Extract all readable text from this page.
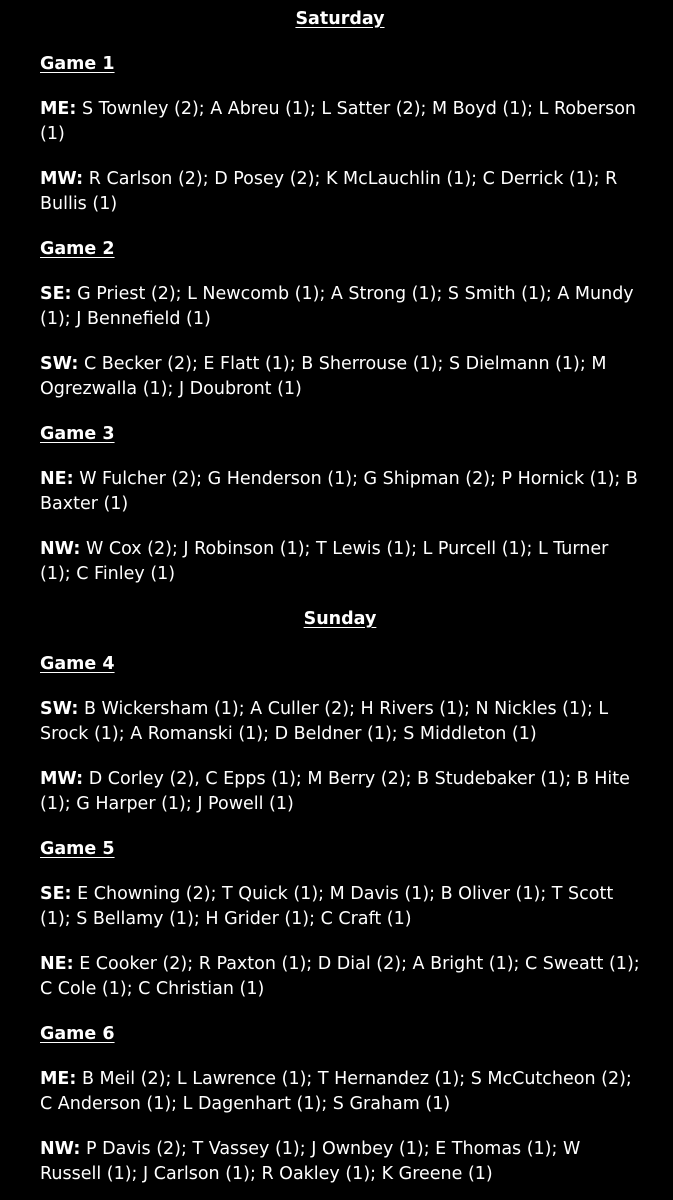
Saturday
Game 1

ME: S Townley (2); A Abreu (1); L Satter (2); M Boyd (1); L Roberson (1)

MW: R Carlson (2); D Posey (2); K McLauchlin (1); C Derrick (1); R Bullis (1)

Game 2

SE: G Priest (2); L Newcomb (1); A Strong (1); S Smith (1); A Mundy (1); J Bennefield (1)

SW: C Becker (2); E Flatt (1); B Sherrouse (1); S Dielmann (1); M Ogrezwalla (1); J Doubront (1)

Game 3

NE: W Fulcher (2); G Henderson (1); G Shipman (2); P Hornick (1); B Baxter (1)

NW: W Cox (2); J Robinson (1); T Lewis (1); L Purcell (1); L Turner (1); C Finley (1)

Sunday
Game 4

SW: B Wickersham (1); A Culler (2); H Rivers (1); N Nickles (1); L Srock (1); A Romanski (1); D Beldner (1); S Middleton (1)

MW: D Corley (2), C Epps (1); M Berry (2); B Studebaker (1); B Hite (1); G Harper (1); J Powell (1)

Game 5

SE: E Chowning (2); T Quick (1); M Davis (1); B Oliver (1); T Scott (1); S Bellamy (1); H Grider (1); C Craft (1)

NE: E Cooker (2); R Paxton (1); D Dial (2); A Bright (1); C Sweatt (1); C Cole (1); C Christian (1)

Game 6

ME: B Meil (2); L Lawrence (1); T Hernandez (1); S McCutcheon (2); C Anderson (1); L Dagenhart (1); S Graham (1)

NW: P Davis (2); T Vassey (1); J Ownbey (1); E Thomas (1); W Russell (1); J Carlson (1); R Oakley (1); K Greene (1)
